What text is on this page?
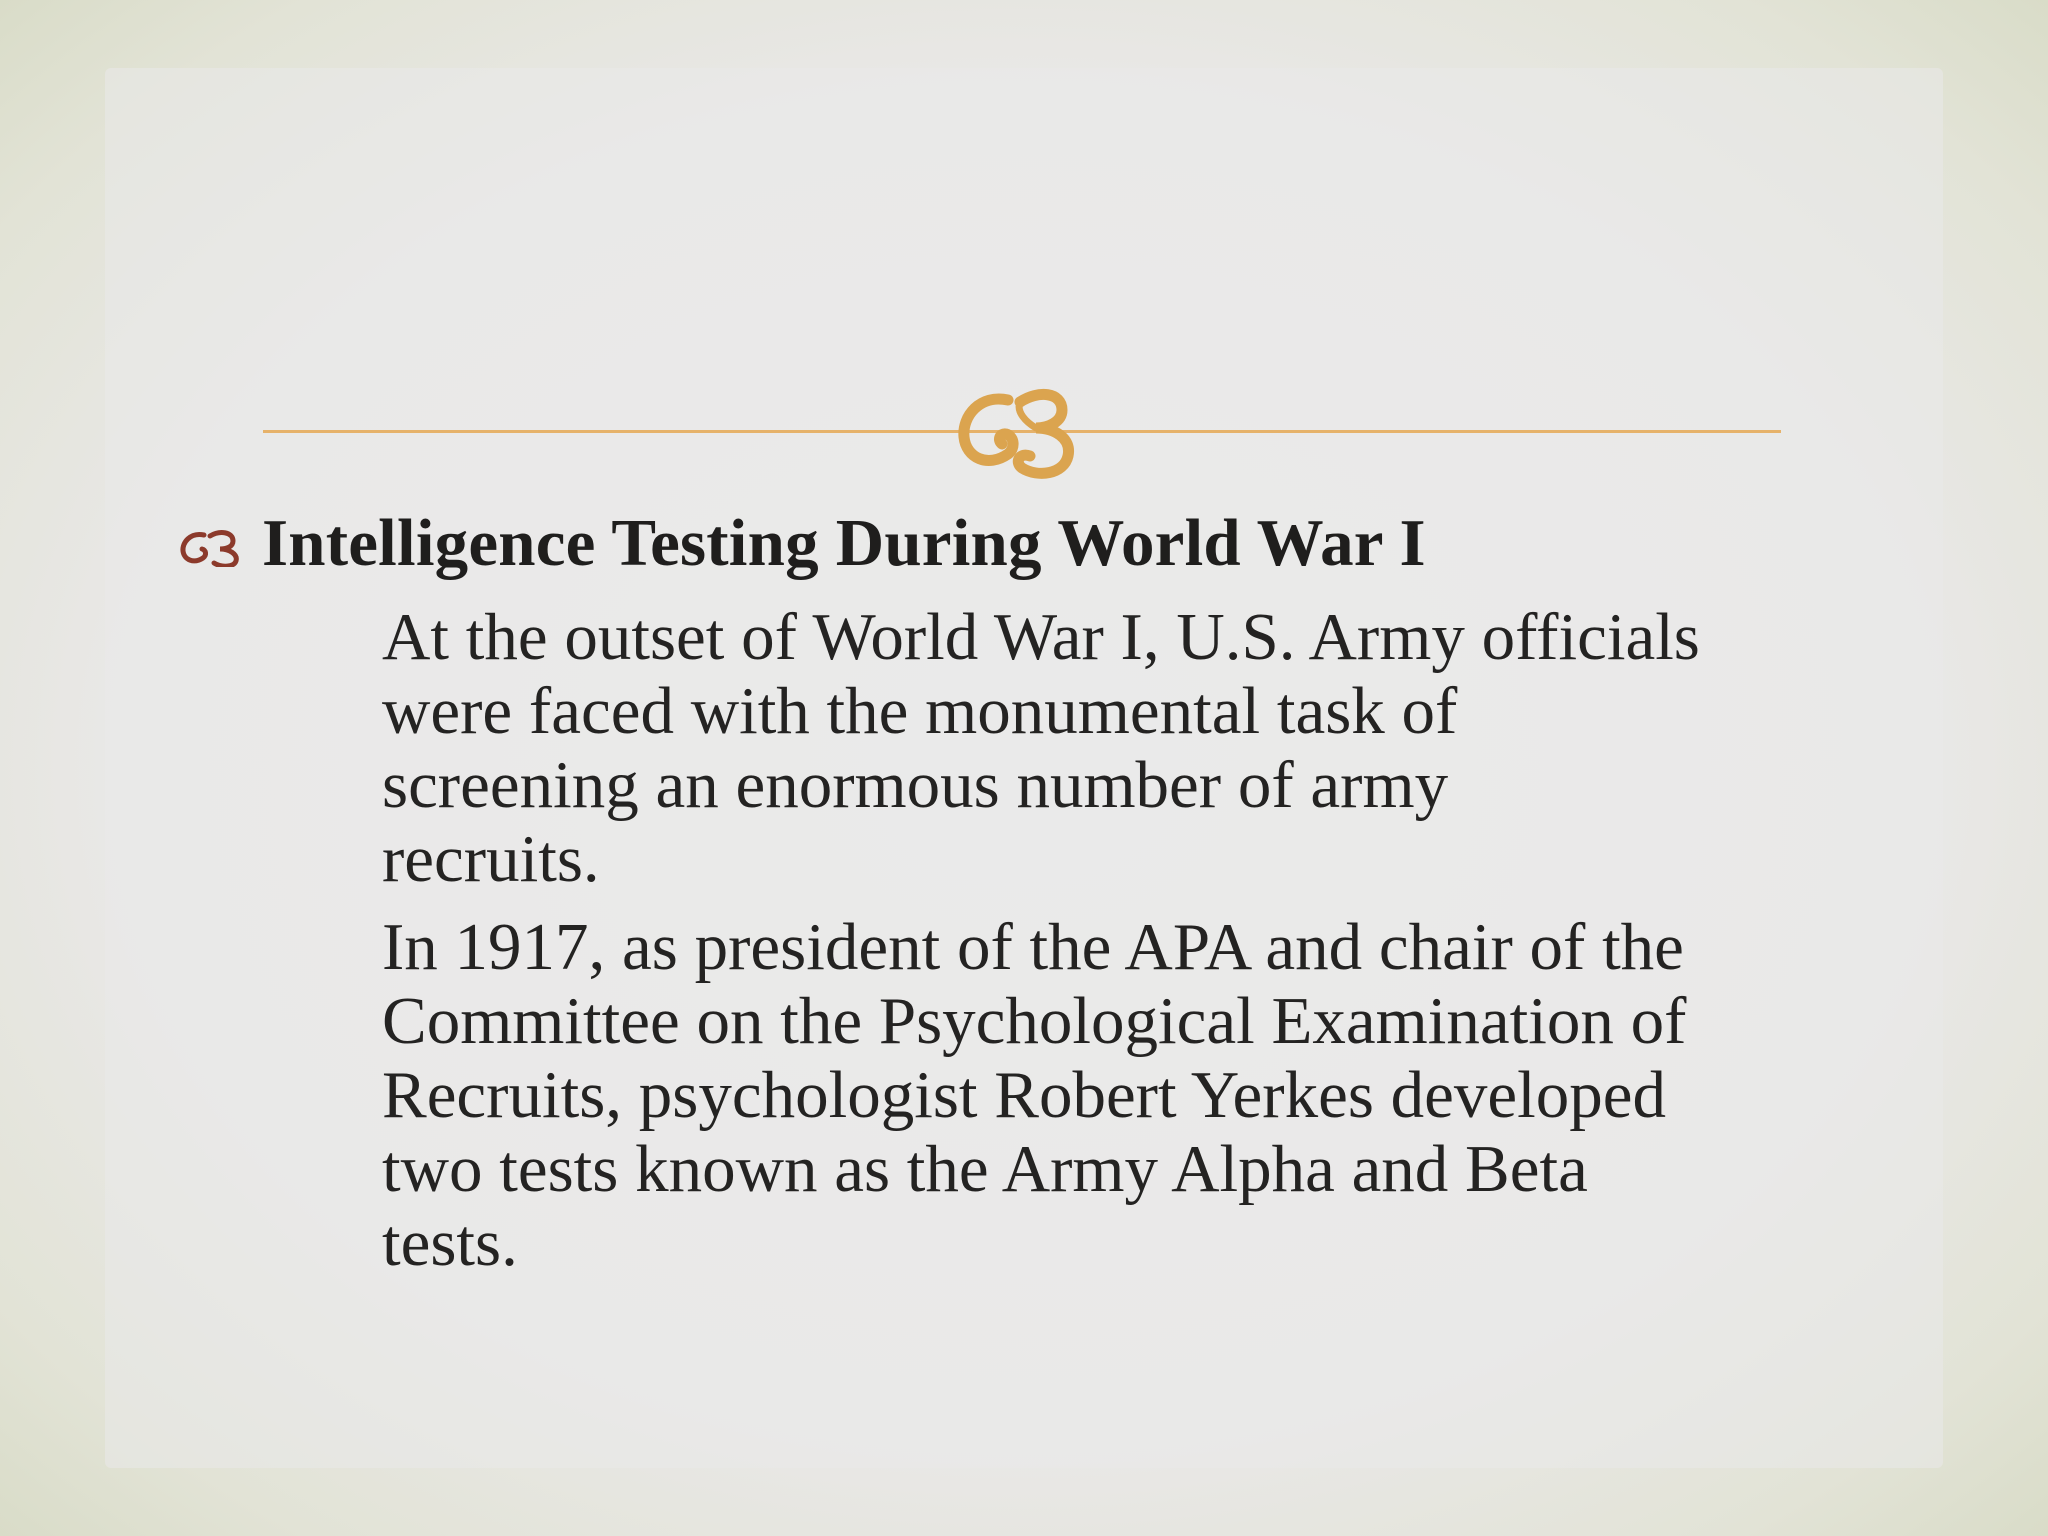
Intelligence Testing During World War I
At the outset of World War I, U.S. Army officials
were faced with the monumental task of
screening an enormous number of army
recruits.
In 1917, as president of the APA and chair of the
Committee on the Psychological Examination of
Recruits, psychologist Robert Yerkes developed
two tests known as the Army Alpha and Beta
tests.
